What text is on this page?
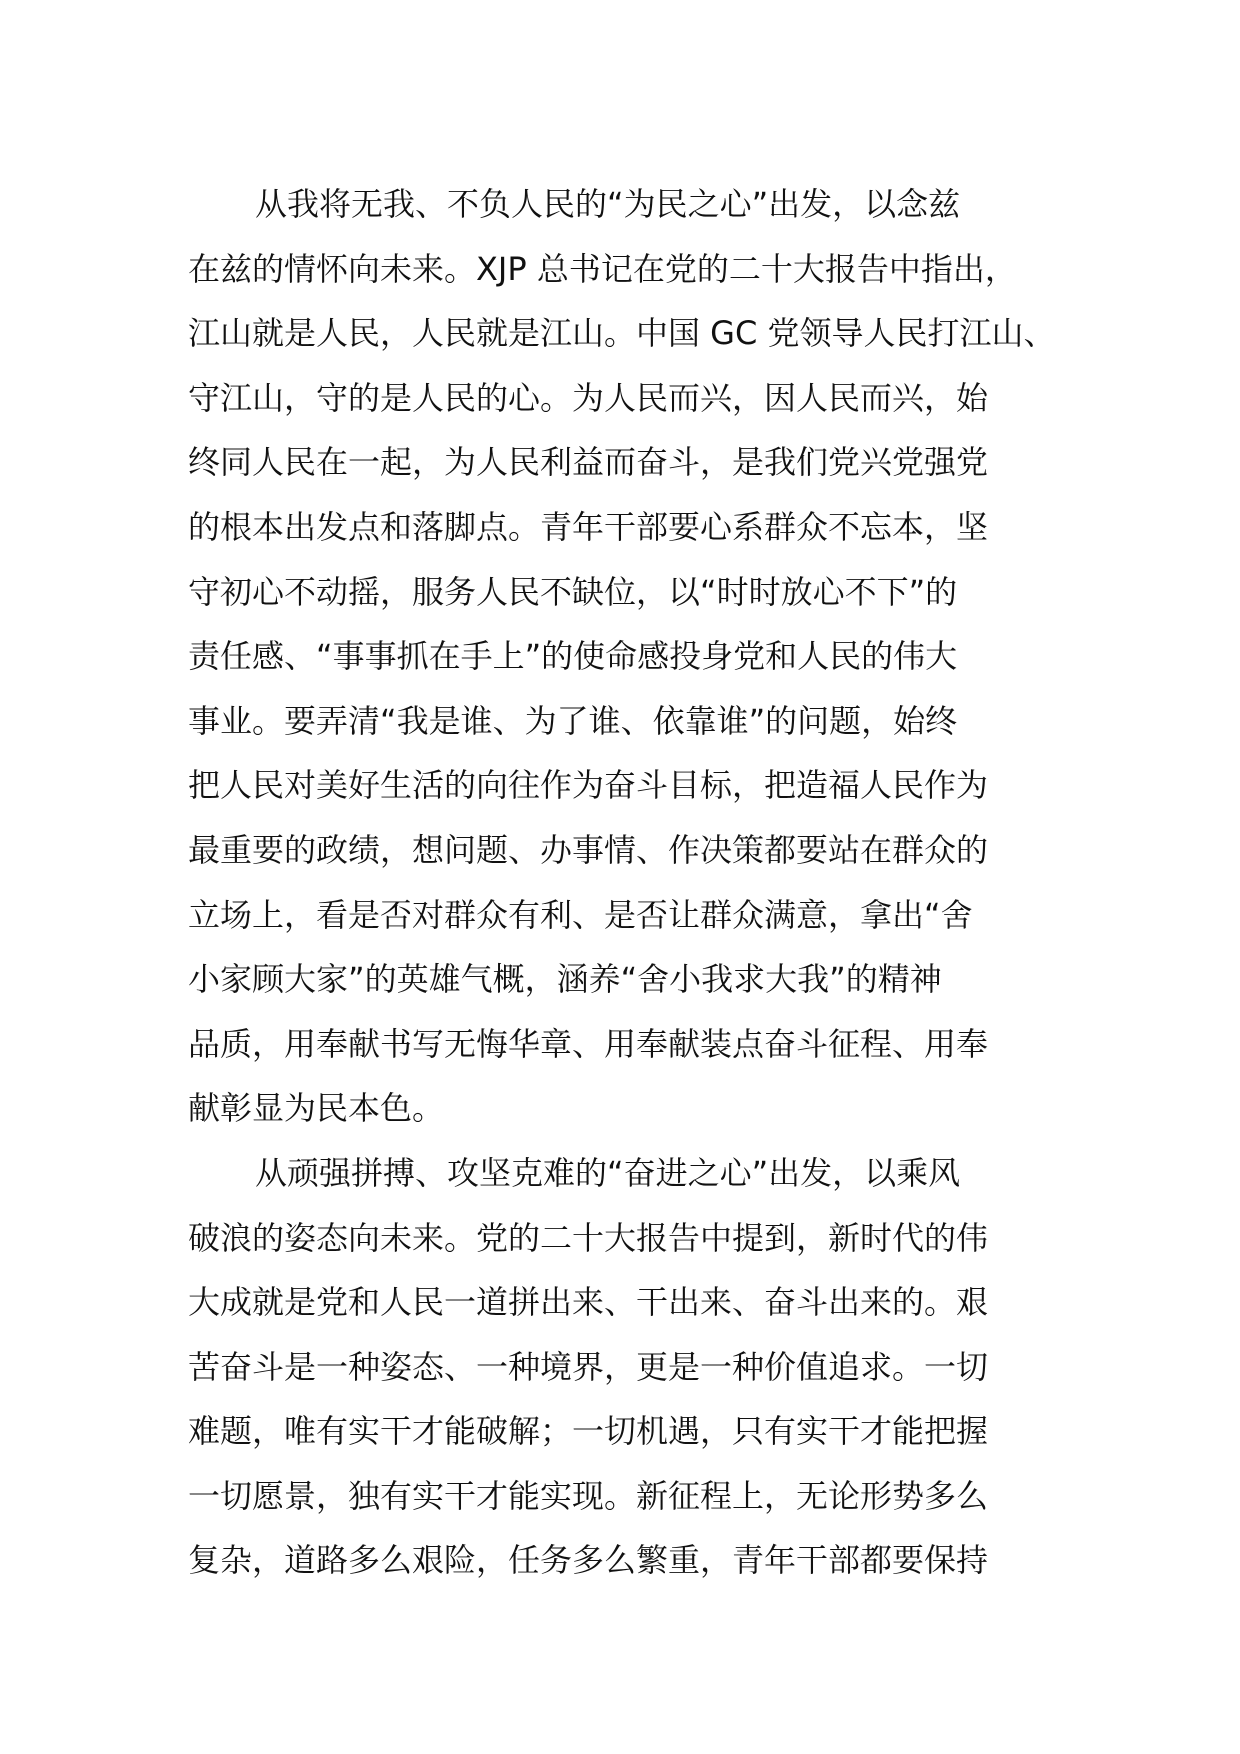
从我将无我、不负人民的“为民之心”出发，以念兹
在兹的情怀向未来。XJP 总书记在党的二十大报告中指出，
江山就是人民，人民就是江山。中国 GC 党领导人民打江山、
守江山，守的是人民的心。为人民而兴，因人民而兴，始
终同人民在一起，为人民利益而奋斗，是我们党兴党强党
的根本出发点和落脚点。青年干部要心系群众不忘本，坚
守初心不动摇，服务人民不缺位，以“时时放心不下”的
责任感、“事事抓在手上”的使命感投身党和人民的伟大
事业。要弄清“我是谁、为了谁、依靠谁”的问题，始终
把人民对美好生活的向往作为奋斗目标，把造福人民作为
最重要的政绩，想问题、办事情、作决策都要站在群众的
立场上，看是否对群众有利、是否让群众满意，拿出“舍
小家顾大家”的英雄气概，涵养“舍小我求大我”的精神
品质，用奉献书写无悔华章、用奉献装点奋斗征程、用奉
献彰显为民本色。
从顽强拼搏、攻坚克难的“奋进之心”出发，以乘风
破浪的姿态向未来。党的二十大报告中提到，新时代的伟
大成就是党和人民一道拼出来、干出来、奋斗出来的。艰
苦奋斗是一种姿态、一种境界，更是一种价值追求。一切
难题，唯有实干才能破解；一切机遇，只有实干才能把握
一切愿景，独有实干才能实现。新征程上，无论形势多么
复杂，道路多么艰险，任务多么繁重，青年干部都要保持
